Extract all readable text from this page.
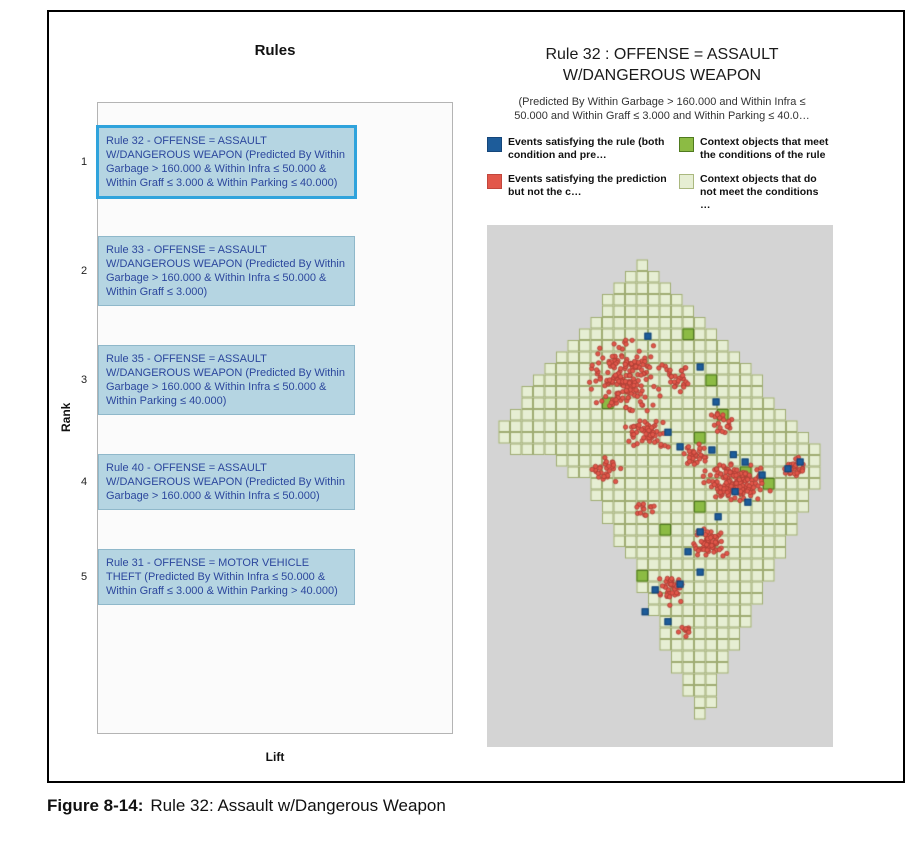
Rules
1
Rule 32 - OFFENSE = ASSAULT W/DANGEROUS WEAPON (Predicted By Within Garbage > 160.000 & Within Infra ≤ 50.000 & Within Graff ≤ 3.000 & Within Parking ≤ 40.000)
2
Rule 33 - OFFENSE = ASSAULT W/DANGEROUS WEAPON (Predicted By Within Garbage > 160.000 & Within Infra ≤ 50.000 & Within Graff ≤ 3.000)
3
Rule 35 - OFFENSE = ASSAULT W/DANGEROUS WEAPON (Predicted By Within Garbage > 160.000 & Within Infra ≤ 50.000 & Within Parking ≤ 40.000)
4
Rule 40 - OFFENSE = ASSAULT W/DANGEROUS WEAPON (Predicted By Within Garbage > 160.000 & Within Infra ≤ 50.000)
5
Rule 31 - OFFENSE = MOTOR VEHICLE THEFT (Predicted By Within Infra ≤ 50.000 & Within Graff ≤ 3.000 & Within Parking > 40.000)
Rank
Lift
Rule 32 : OFFENSE = ASSAULT
W/DANGEROUS WEAPON
(Predicted By Within Garbage > 160.000 and Within Infra ≤
50.000 and Within Graff ≤ 3.000 and Within Parking ≤ 40.0…
Events satisfying the rule (both condition and pre…
Context objects that meet the conditions of the rule
Events satisfying the prediction but not the c…
Context objects that do not meet the conditions …
Figure 8-14: Rule 32: Assault w/Dangerous Weapon
